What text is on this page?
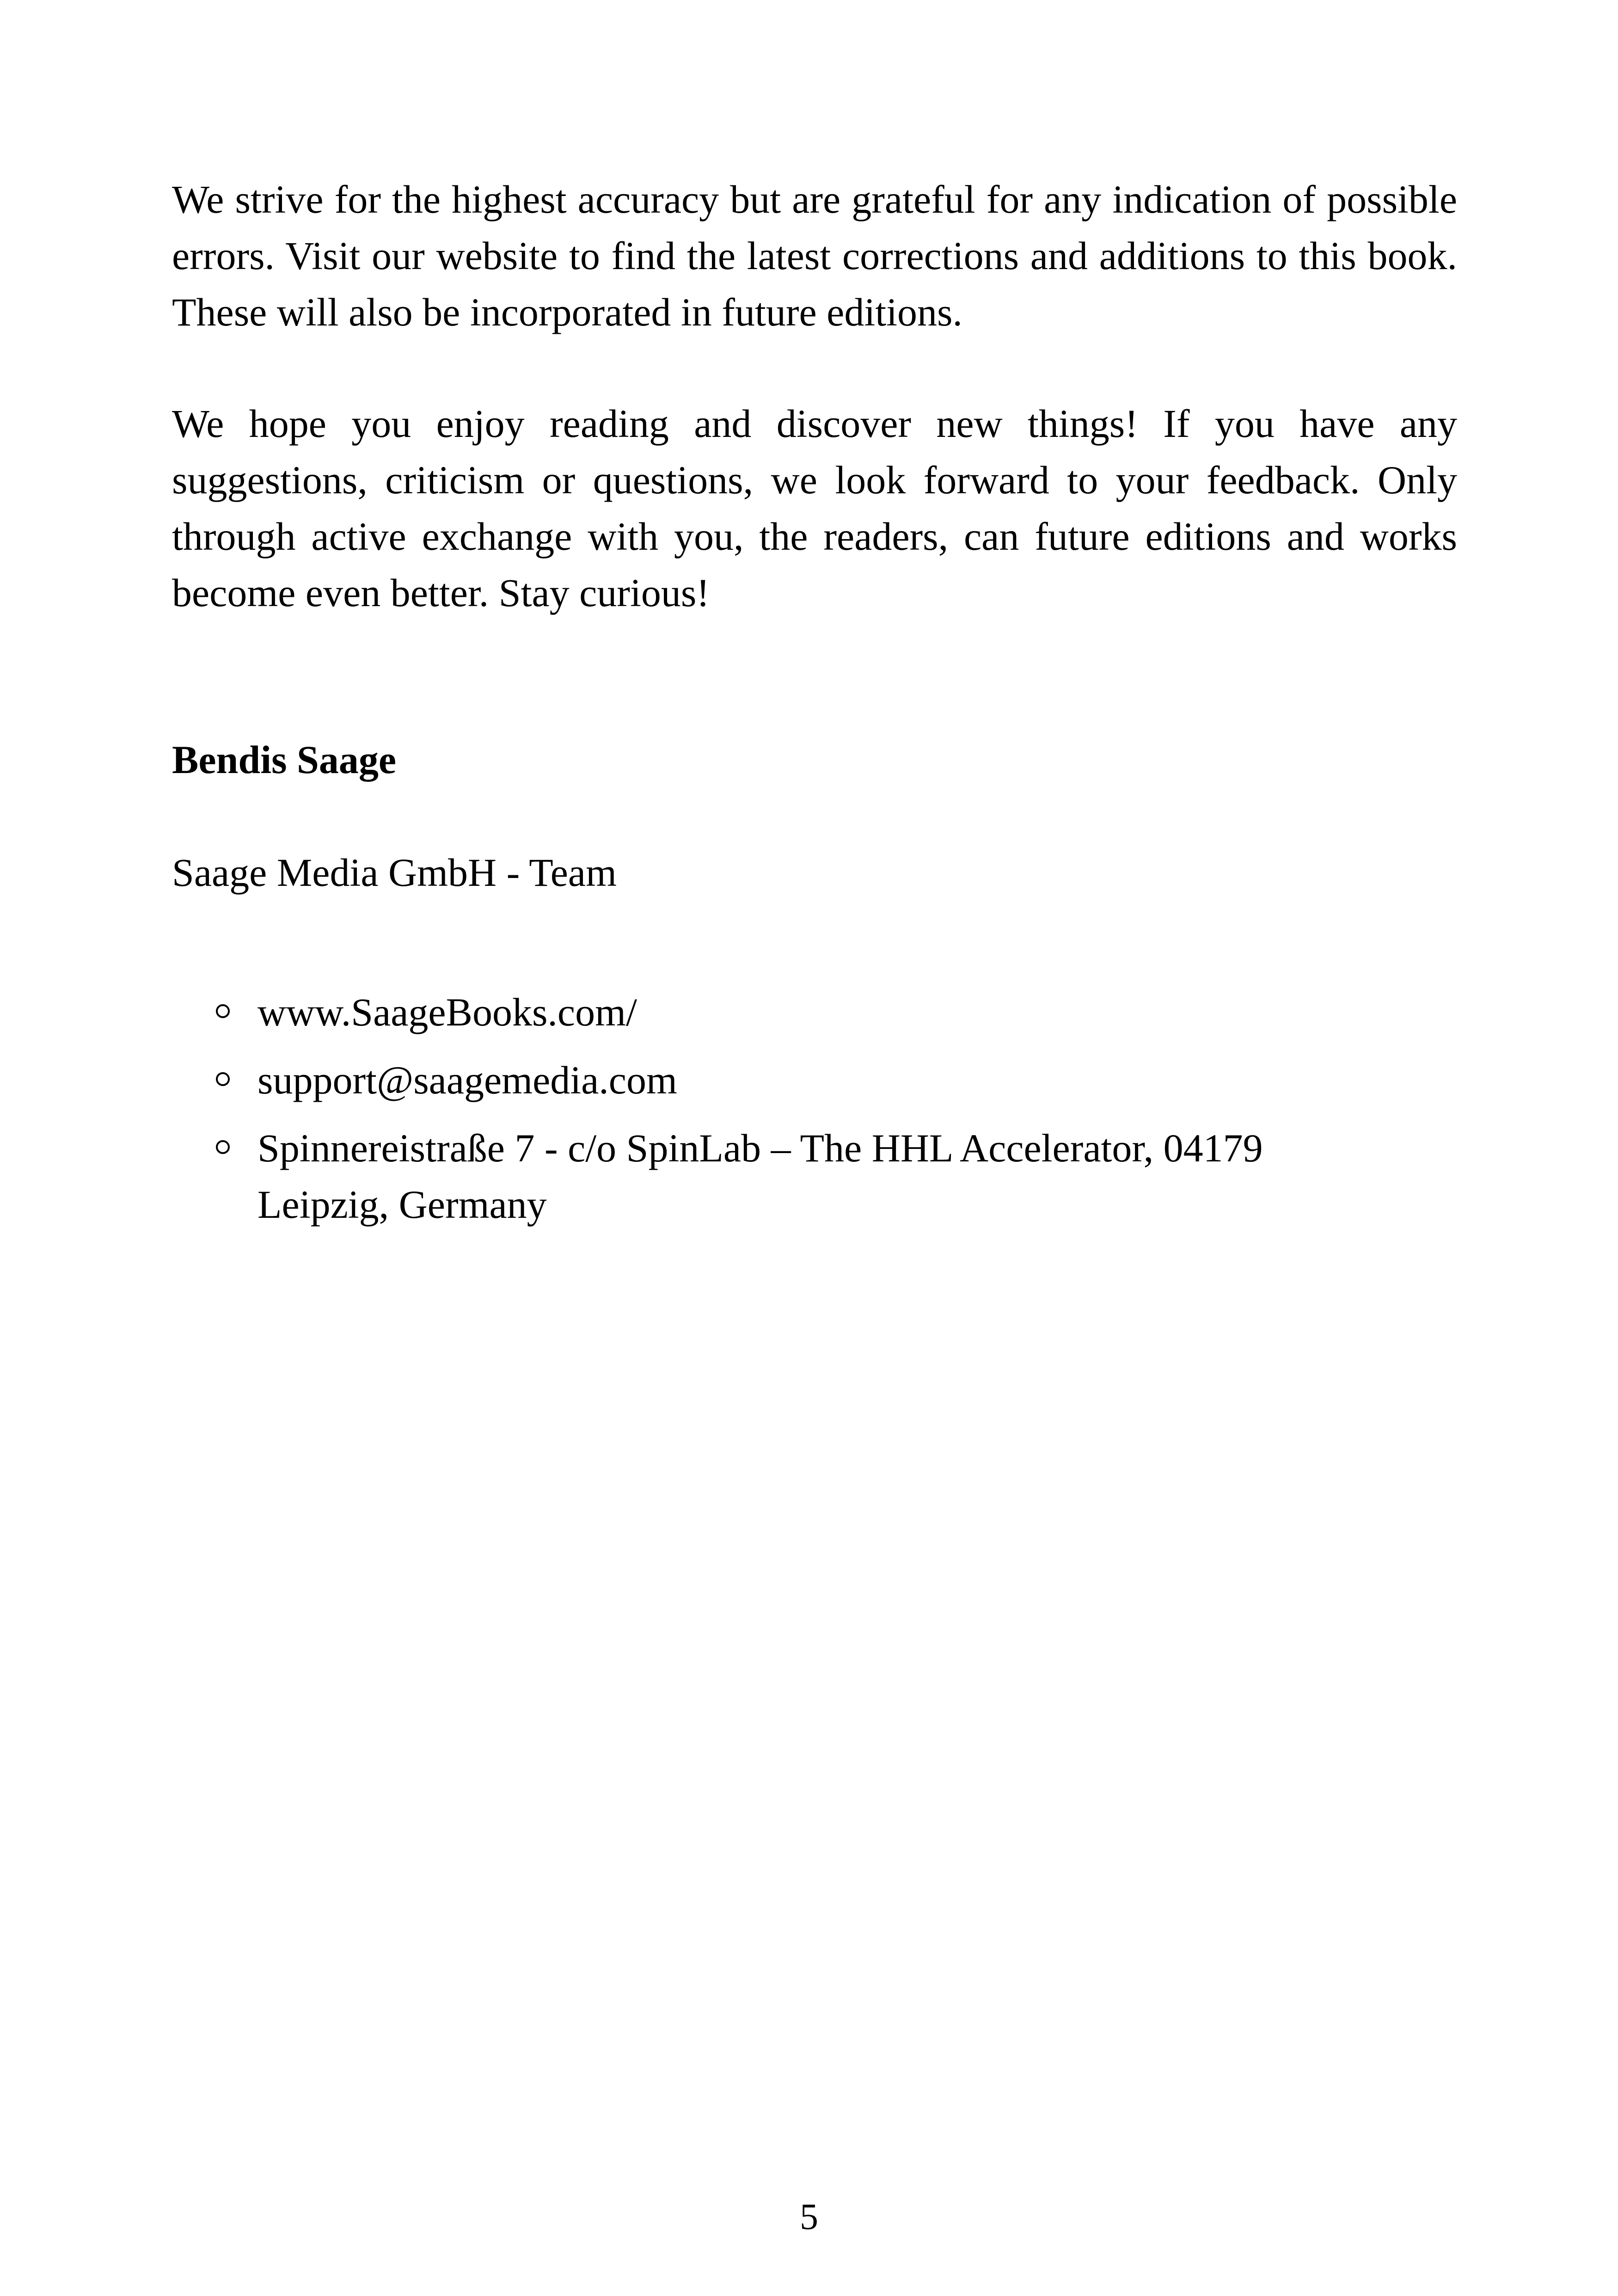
We strive for the highest accuracy but are grateful for any indication of possible errors. Visit our website to find the latest corrections and additions to this book. These will also be incorporated in future editions.

We hope you enjoy reading and discover new things! If you have any suggestions, criticism or questions, we look forward to your feedback. Only through active exchange with you, the readers, can future editions and works become even better. Stay curious!

Bendis Saage

Saage Media GmbH - Team

www.SaageBooks.com/
support@saagemedia.com
Spinnereistraße 7 - c/o SpinLab – The HHL Accelerator, 04179 Leipzig, Germany

5
